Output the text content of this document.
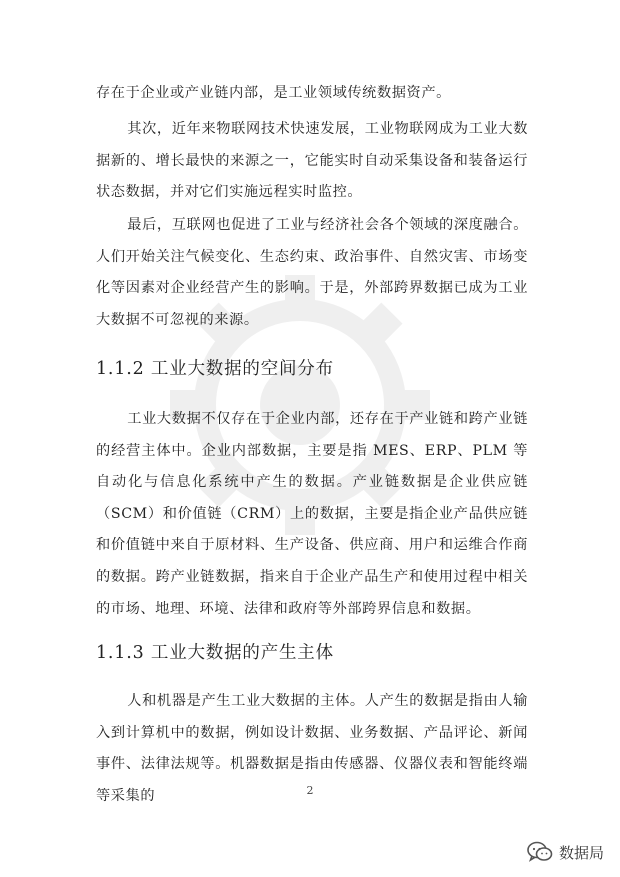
存在于企业或产业链内部，是工业领域传统数据资产。
其次，近年来物联网技术快速发展，工业物联网成为工业大数据新的、增长最快的来源之一，它能实时自动采集设备和装备运行状态数据，并对它们实施远程实时监控。
最后，互联网也促进了工业与经济社会各个领域的深度融合。人们开始关注气候变化、生态约束、政治事件、自然灾害、市场变化等因素对企业经营产生的影响。于是，外部跨界数据已成为工业大数据不可忽视的来源。
1.1.2 工业大数据的空间分布
工业大数据不仅存在于企业内部，还存在于产业链和跨产业链的经营主体中。企业内部数据，主要是指 MES、ERP、PLM 等自动化与信息化系统中产生的数据。产业链数据是企业供应链（SCM）和价值链（CRM）上的数据，主要是指企业产品供应链和价值链中来自于原材料、生产设备、供应商、用户和运维合作商的数据。跨产业链数据，指来自于企业产品生产和使用过程中相关的市场、地理、环境、法律和政府等外部跨界信息和数据。
1.1.3 工业大数据的产生主体
人和机器是产生工业大数据的主体。人产生的数据是指由人输入到计算机中的数据，例如设计数据、业务数据、产品评论、新闻事件、法律法规等。机器数据是指由传感器、仪器仪表和智能终端等采集的	2
数据局
